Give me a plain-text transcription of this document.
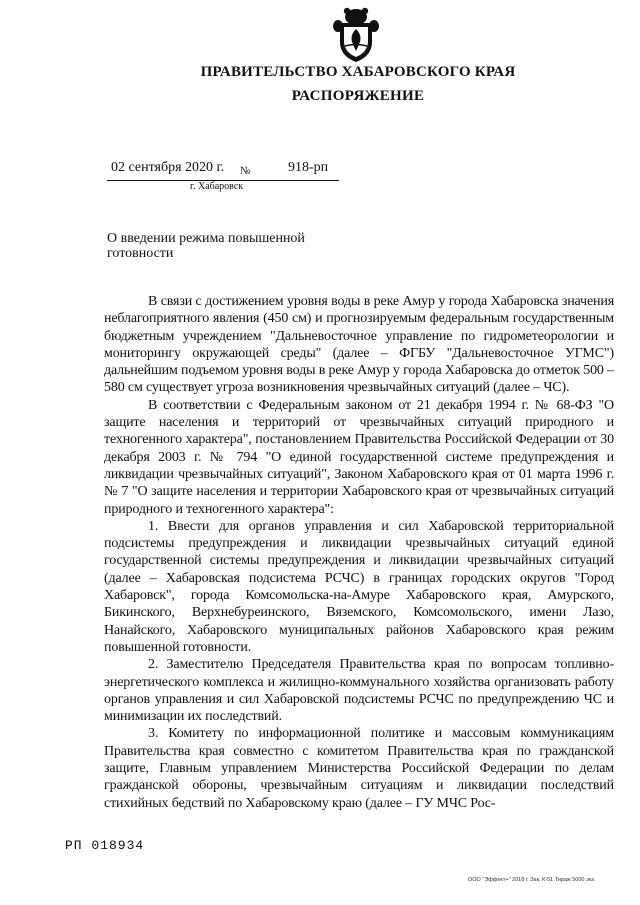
ПРАВИТЕЛЬСТВО ХАБАРОВСКОГО КРАЯ
РАСПОРЯЖЕНИЕ
02 сентября 2020 г. №	918-рп
г. Хабаровск
О введении режима повышенной
готовности

В связи с достижением уровня воды в реке Амур у города Хабаровска значения неблагоприятного явления (450 см) и прогнозируемым федеральным государственным бюджетным учреждением "Дальневосточное управление по гидрометеорологии и мониторингу окружающей среды" (далее – ФГБУ "Дальневосточное УГМС") дальнейшим подъемом уровня воды в реке Амур у города Хабаровска до отметок 500 – 580 см существует угроза возникновения чрезвычайных ситуаций (далее – ЧС).

В соответствии с Федеральным законом от 21 декабря 1994 г. № 68-ФЗ "О защите населения и территорий от чрезвычайных ситуаций природного и техногенного характера", постановлением Правительства Российской Федерации от 30 декабря 2003 г. № 794 "О единой государственной системе предупреждения и ликвидации чрезвычайных ситуаций", Законом Хабаровского края от 01 марта 1996 г. № 7 "О защите населения и территории Хабаровского края от чрезвычайных ситуаций природного и техногенного характера":

1. Ввести для органов управления и сил Хабаровской территориальной подсистемы предупреждения и ликвидации чрезвычайных ситуаций единой государственной системы предупреждения и ликвидации чрезвычайных ситуаций (далее – Хабаровская подсистема РСЧС) в границах городских округов "Город Хабаровск", города Комсомольска-на-Амуре Хабаровского края, Амурского, Бикинского, Верхнебуреинского, Вяземского, Комсомольского, имени Лазо, Нанайского, Хабаровского муниципальных районов Хабаровского края режим повышенной готовности.

2. Заместителю Председателя Правительства края по вопросам топливно-энергетического комплекса и жилищно-коммунального хозяйства организовать работу органов управления и сил Хабаровской подсистемы РСЧС по предупреждению ЧС и минимизации их последствий.

3. Комитету по информационной политике и массовым коммуникациям Правительства края совместно с комитетом Правительства края по гражданской защите, Главным управлением Министерства Российской Федерации по делам гражданской обороны, чрезвычайным ситуациям и ликвидации последствий стихийных бедствий по Хабаровскому краю (далее – ГУ МЧС Рос-

РП 018934
ООО "Эффект+" 2018 г. Зак. К-51 Тираж 5000 экз.
